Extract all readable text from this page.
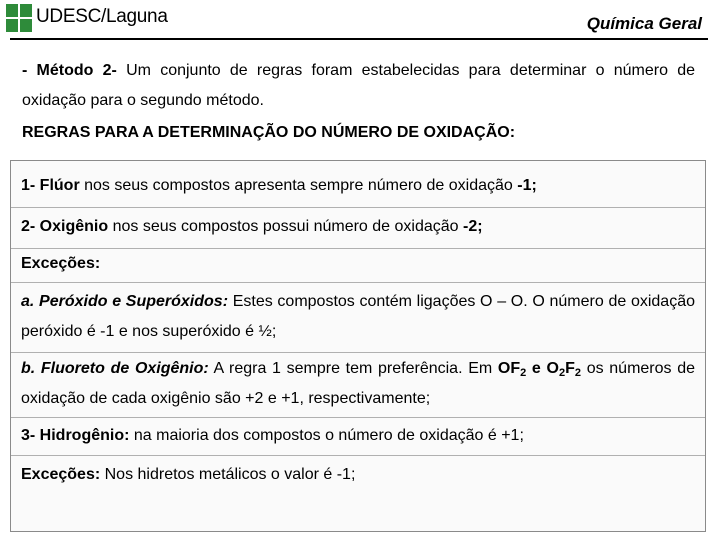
UDESC/Laguna	Química Geral
- Método 2- Um conjunto de regras foram estabelecidas para determinar o número de oxidação para o segundo método.
REGRAS PARA A DETERMINAÇÃO DO NÚMERO DE OXIDAÇÃO:
1- Flúor nos seus compostos apresenta sempre número de oxidação -1;
2- Oxigênio nos seus compostos possui número de oxidação -2;
Exceções:
a. Peróxido e Superóxidos: Estes compostos contém ligações O – O. O número de oxidação peróxido é -1 e nos superóxido é ½;
b. Fluoreto de Oxigênio: A regra 1 sempre tem preferência. Em $OF_2$ e $O_2F_2$ os números de oxidação de cada oxigênio são +2 e +1, respectivamente;
3- Hidrogênio: na maioria dos compostos o número de oxidação é +1;
Exceções: Nos hidretos metálicos o valor é -1;
